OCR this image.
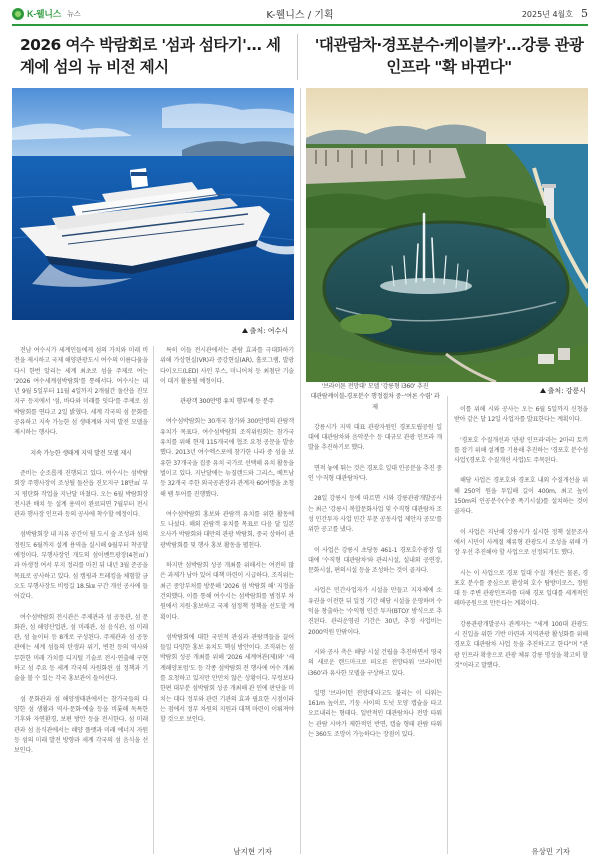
K-웰니스 뉴스	K-웰니스 / 기획	2025년 4월호 5
2026 여수 박람회로 '섬과 섬타기'… 세계에 섬의 뉴 비전 제시
'대관람차·경포분수·케이블카'…강릉 관광 인프라 "확 바뀐다"
출처: 여수시
출처: 강릉시

전남 여수시가 세계인들에게 섬의 가치와 미래 비전을 제시하고 국제 해양관광도시 여수의 이름다움을 다시 한번 알리는 세계 최초로 섬을 주제로 여는 '2026 여수세계섬박람회'를 통해서다. 여수시는 내년 9월 5일부터 11월 4일까지 2개월간 돌산읍 진모지구 등지에서 '섬, 바다와 미래를 잇다'를 주제로 섬박람회를 연다고 2일 밝혔다. 세계 각국의 섬 문화를 공유하고 지속 가능한 섬 생태계와 지역 발전 모델을 제시하는 행사다.

지속 가능한 생태계 지역 발전 모델 제시

준비는 순조롭게 진행되고 있다. 여수시는 섬박람회장 주행사장이 조성될 돌산읍 진모지구 18만㎡ 부지 평탄화 작업을 지난달 마쳤다. 오는 6월 박람회장 전시관 배치 등 설계 용역이 완료되면 7월부터 전시관과 행사장 인프라 등의 공사에 착수할 예정이다.

섬박람회장 내 지유 공간이 될 도시 숲 조성과 섬의 정원도 6월까지 설계 용역을 실시해 9월부터 착공할 예정이다. 부행사장인 개도의 섬이벤트광장(4천㎡)과 아생정 여서 부지 정리를 마친 뒤 내년 3월 준공을 목표로 공사하고 있다. 섬 캠핑과 트레킹을 체험할 금오도 부행사장도 비렁길 18.5㎞ 구간 개선 공사에 들어갔다.

여수섬박람회 전시관은 주제관과 섬 공동관, 섬 문화관, 섬 해양산업관, 섬 미래관, 섬 음식관, 섬 미래관, 섬 놀이터 등 8개로 구성된다. 주제관과 섬 공동관에는 세계 섬들의 탄생과 위기, 변천 등의 역사와 무한한 미래 가치를 디지털 기술로 전시·연출해 구현하고 섬 주요 등 세계 각국의 자원화된 섬 정책과 기술을 볼 수 있는 각국 홍보관이 들어선다.

섬 문화관과 섬 해양생태관에서는 참가국들의 다양한 섬 생활과 역사·문화·예술 등을 비롯해 독특한 기후와 자연환경, 보편 방안 등을 전시한다. 섬 미래관과 섬 음식관에서는 해양 플랫과 미래 에너지 자원 등 섬의 미래 발전 방향과 세계 각국의 섬 음식을 선보인다.

특히 이들 전시관에서는 관람 효과를 극대화하기 위해 가상현실(VR)과 증강현실(AR), 홀로그램, 발광다이오드(LED) 사인 부스, 미니어처 등 최첨단 기술이 대거 활용될 예정이다.

관광객 300만명 유치 행부에 등 분주

여수섬박람회는 30개국 참가와 300만명의 관람객 유치가 목표다. 여수섬박람회 조직위원회는 참가국 유치를 위해 현재 115개국에 협조 요청 공문을 발송했다. 2013년 여수엑스포에 참가한 나라 중 섬을 보유한 37개국을 집중 유치 국가로 선택해 유치 활동을 벌이고 있다. 지난달에는 뉴질랜드와 그리스, 베트남 등 32개국 주한 외국공관장과 관계자 60여명을 초청해 팸 투어를 진행했다.

여수섬박람회 홍보와 관람객 유치를 위한 활동에도 나섰다. 해외 관람객 유치를 목표로 다음 달 일본 오사카 박람회와 대만의 관광 박람회, 중국 상하이 관광박람회를 및 행사 홍보 활동을 펼친다.

하지만 섬박람회 성공 개최를 위해서는 여전히 많은 과제가 남아 있어 대책 마련이 시급하다. 조직위는 최근 중앙부처를 방문해 '2026 섬 박람회 해' 지정을 건의했다. 이를 통해 여수시는 섬박람회를 범정부 차원에서 지원·홍보하고 국제 섬정책 정책을 선도할 계획이다.

섬박람회에 대한 국민적 관심과 관람객들을 끌어들일 다양한 홍보 유치도 핵심 방안이다. 조직위는 섬박람회 성공 개최를 위해 '2026 세계여관(제)와' '세계해양포럼'도 등 각종 섬박람회 전 행사에 여수 개최를 요청하고 있지만 만만치 않은 상황이다. 부렁보다 한편 대부분 섬박람회 성공 개최해 관 인에 판단을 미치는 대다 정부와 관련 기관의 효과 필요한 시점이라는 점에서 정부 차원의 지원과 대책 마련이 이뤄져야 할 것으로 보인다.

남지현 기자

'브라이튼 전망대' 모델 '강릉형 i360' 추진

대관람케이블-경포분수 행정절차 중··'여론 수렴' 과제

강릉시가 지역 대표 관광자원인 경포도립공원 일대에 대관람차와 음악분수 등 대규모 관광 인프라 개발을 추진하기로 했다.

면적 놓에 뛰는 것은 경포호 일대 인공분을 추진 중인 '수직형 대관람차'다.

28일 강릉시 등에 따르면 시와 강릉관광개발공사는 최근 '강릉시 복합문화사업 및 수직형 대관람차 조성 민간투자 사업 민간 부문 공동사업 제안자 공모'를 위한 공고를 냈다.

이 사업은 강릉시 초당동 461-1 경포호수광장 일대에 '수직형 대관람차'와 관리시설, 실내외 공연장, 문화시설, 편의시설 등을 조성하는 것이 골자다.

사업은 민간사업자가 시설을 만들고 지자체에 소유권을 이전한 뒤 일정 기간 해당 시설을 운영하며 수익을 창출하는 '수익형 민간 투자(BTO)' 방식으로 추진된다. 관리운영권 기간은 30년, 추정 사업비는 2000억원 안팎이다.

시와 공사 측은 해당 시설 건립을 추진하면서 영국의 새로운 랜드마크로 떠오른 전망타워 '브라이턴 i360'과 유사한 모델을 구상하고 있다.

일명 '브라이턴 전망대'라고도 불리는 이 타워는 161m 높이로, 기둥 사이의 도넛 모양 캡슐을 타고 오르내리는 형태다. 일반적인 대관람차나 전망 타워는 관람 시야가 제한적인 반면, 캡슐 형태 관람 타워는 360도 조망이 가능하다는 장점이 있다.

이를 위해 시와 공사는 오는 6월 5일까지 신청을 받아 같은 달 12일 사업자를 발표한다는 계획이다.

'경포호 수질개선과 '관광 인프라'라는 2마리 토끼를 잡기 위해 설계를 기용해 추진하는 '경포호 분수섬사업'(경포호 수질개선 사업)도 주목된다.

해당 사업은 경포호와 경포호 내외 수질개선을 위해 250억 원을 투입해 길이 400m, 최고 높이 150m의 인공분수(수중 폭기시설)를 설치하는 것이 골자다.

이 사업은 지난해 강릉시가 실시한 정책 설문조사에서 시민이 사계절 체류형 관광도시 조성을 위해 가장 우선 추진해야 할 사업으로 선정되기도 했다.

시는 이 사업으로 경포 일대 수질 개선은 물론, 경포호 분수를 중심으로 환상의 호수 탐방미로스, 정원대 등 주변 관광인프라를 더해 경포 일대를 세계적인 테마공원으로 만든다는 계획이다.

강릉관광개발공사 관계자는 "세계 100대 관광도시 진입을 위한 기반 마련과 지역관광 활성화를 위해 경포호 대관람차 사업 등을 추진하고고 한다"며 "관광 인프라 확충으로 관광 체류 강릉 명성을 확고히 할 것"이라고 말했다.

유상민 기자
